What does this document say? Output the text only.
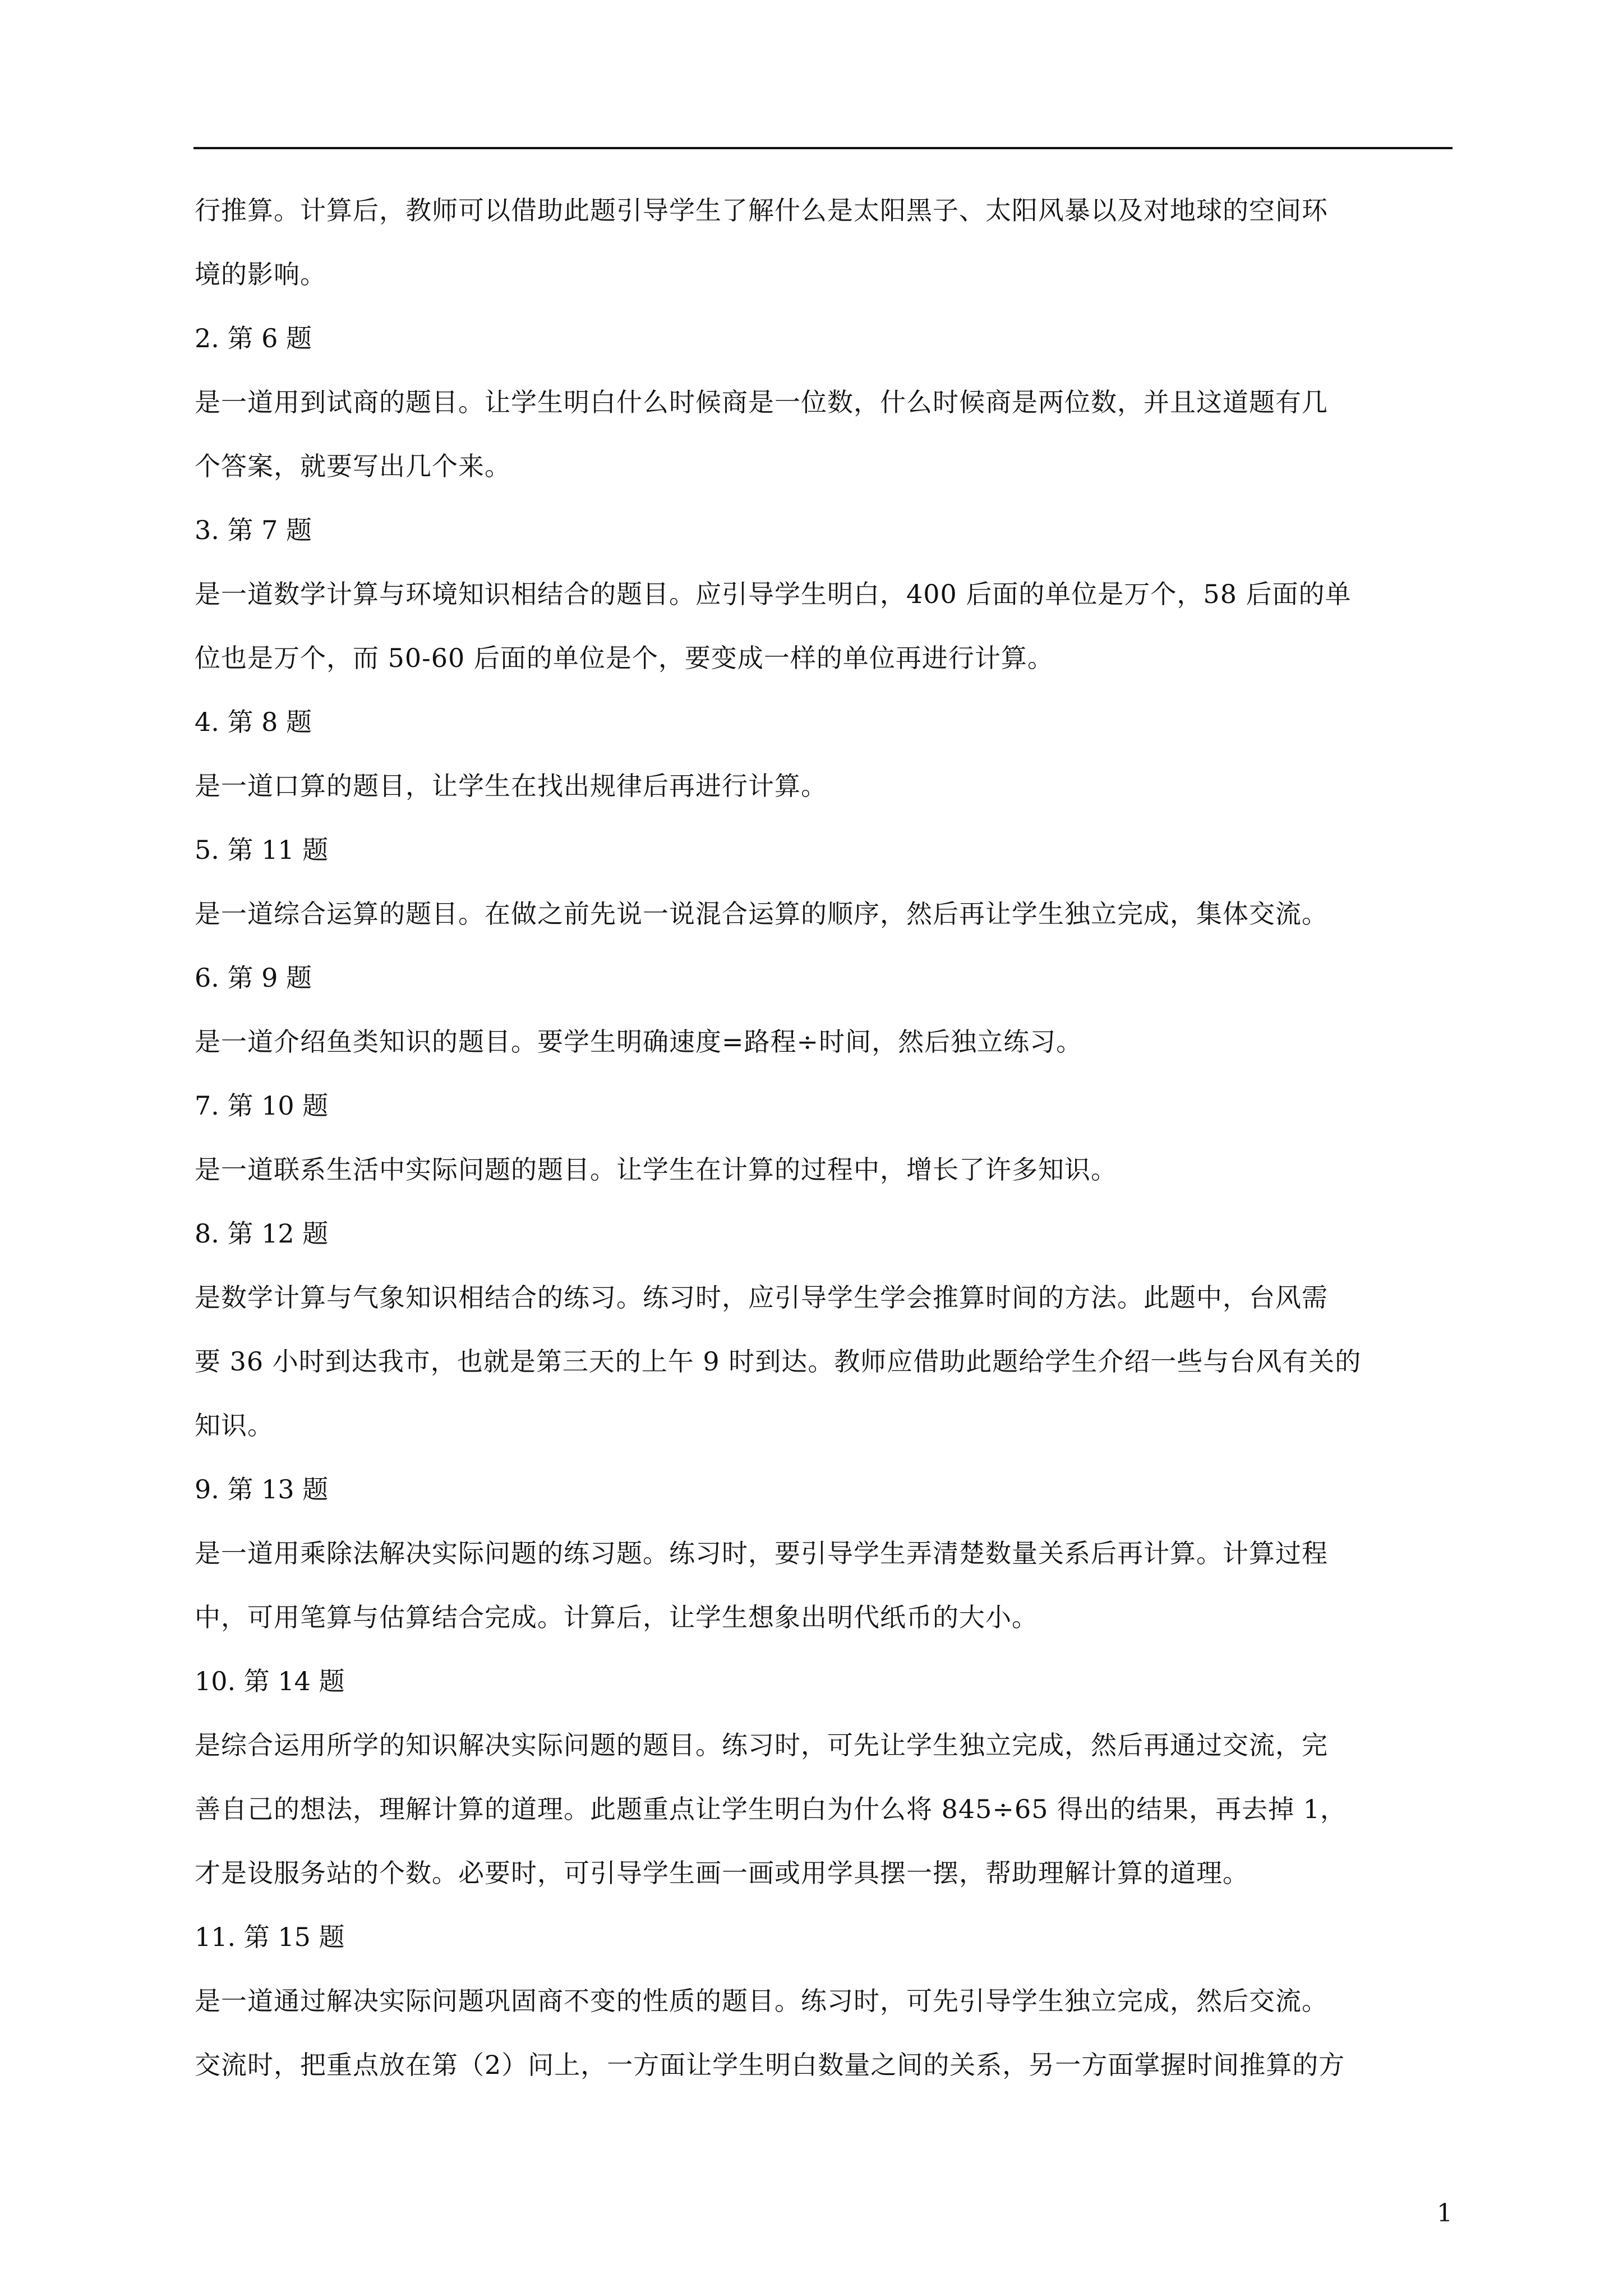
行推算。计算后，教师可以借助此题引导学生了解什么是太阳黑子、太阳风暴以及对地球的空间环
境的影响。
2. 第 6 题
是一道用到试商的题目。让学生明白什么时候商是一位数，什么时候商是两位数，并且这道题有几
个答案，就要写出几个来。
3. 第 7 题
是一道数学计算与环境知识相结合的题目。应引导学生明白，400 后面的单位是万个，58 后面的单
位也是万个，而 50-60 后面的单位是个，要变成一样的单位再进行计算。
4. 第 8 题
是一道口算的题目，让学生在找出规律后再进行计算。
5. 第 11 题
是一道综合运算的题目。在做之前先说一说混合运算的顺序，然后再让学生独立完成，集体交流。
6. 第 9 题
是一道介绍鱼类知识的题目。要学生明确速度=路程÷时间，然后独立练习。
7. 第 10 题
是一道联系生活中实际问题的题目。让学生在计算的过程中，增长了许多知识。
8. 第 12 题
是数学计算与气象知识相结合的练习。练习时，应引导学生学会推算时间的方法。此题中，台风需
要 36 小时到达我市，也就是第三天的上午 9 时到达。教师应借助此题给学生介绍一些与台风有关的
知识。
9. 第 13 题
是一道用乘除法解决实际问题的练习题。练习时，要引导学生弄清楚数量关系后再计算。计算过程
中，可用笔算与估算结合完成。计算后，让学生想象出明代纸币的大小。
10. 第 14 题
是综合运用所学的知识解决实际问题的题目。练习时，可先让学生独立完成，然后再通过交流，完
善自己的想法，理解计算的道理。此题重点让学生明白为什么将 845÷65 得出的结果，再去掉 1，
才是设服务站的个数。必要时，可引导学生画一画或用学具摆一摆，帮助理解计算的道理。
11. 第 15 题
是一道通过解决实际问题巩固商不变的性质的题目。练习时，可先引导学生独立完成，然后交流。
交流时，把重点放在第（2）问上，一方面让学生明白数量之间的关系，另一方面掌握时间推算的方
1
